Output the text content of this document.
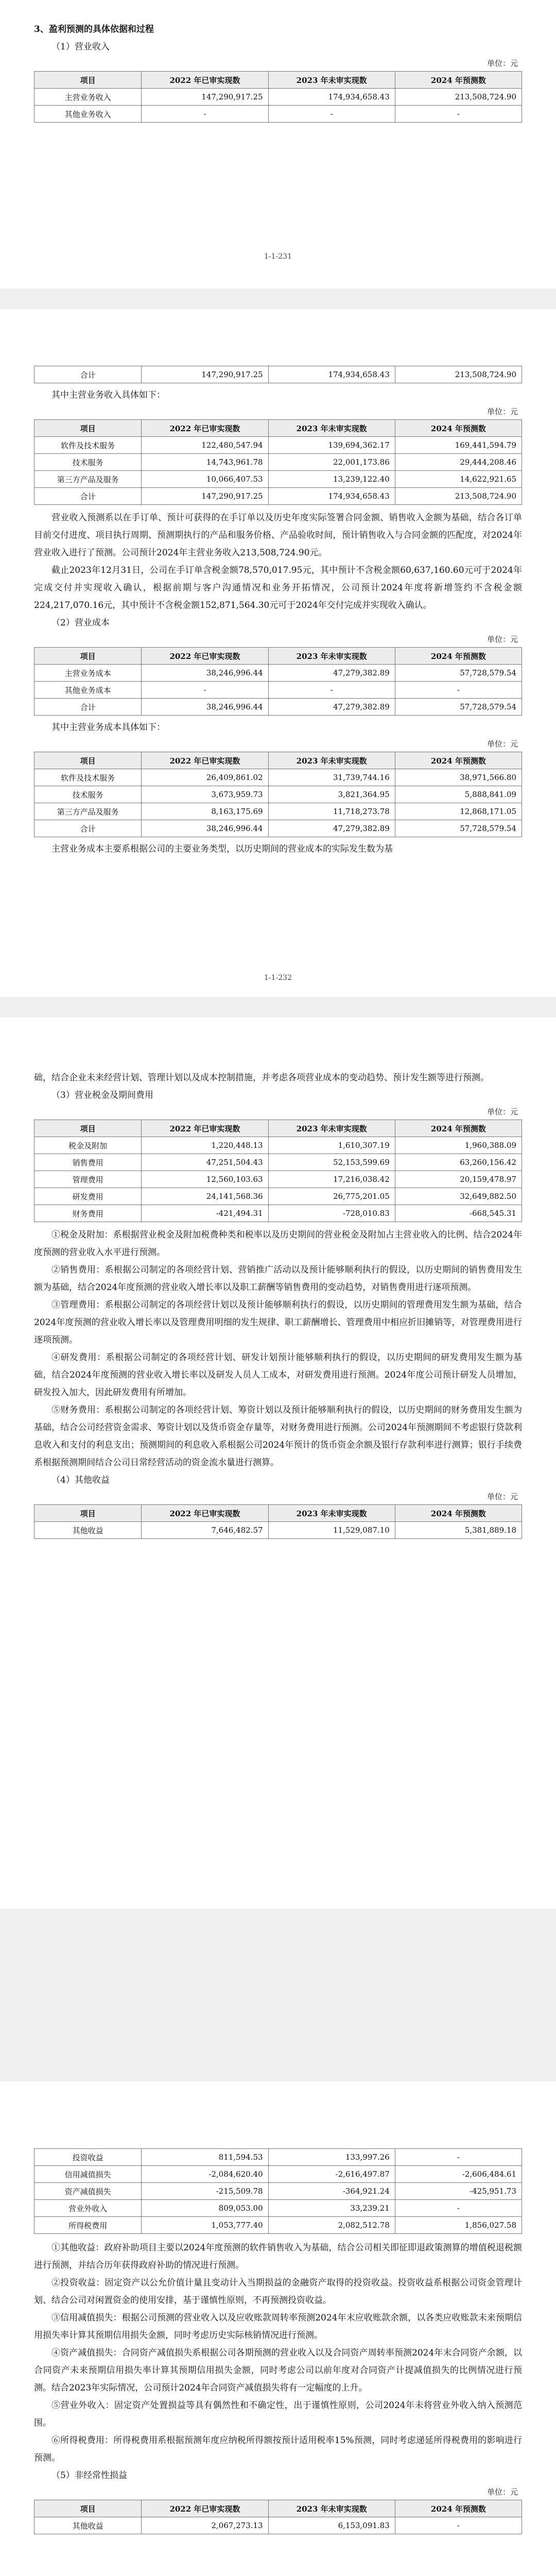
3、盈利预测的具体依据和过程
（1）营业收入
单位：元
项目	2022 年已审实现数	2023 年未审实现数	2024 年预测数
主营业务收入	147,290,917.25	174,934,658.43	213,508,724.90
其他业务收入	-	-	-
1-1-231
合计	147,290,917.25	174,934,658.43	213,508,724.90
其中主营业务收入具体如下：
单位：元
项目	2022 年已审实现数	2023 年未审实现数	2024 年预测数
软件及技术服务	122,480,547.94	139,694,362.17	169,441,594.79
技术服务	14,743,961.78	22,001,173.86	29,444,208.46
第三方产品及服务	10,066,407.53	13,239,122.40	14,622,921.65
合计	147,290,917.25	174,934,658.43	213,508,724.90

营业收入预测系以在手订单、预计可获得的在手订单以及历史年度实际签署合同金额、销售收入金额为基础，结合各订单目前交付进度、项目执行周期、预测期执行的产品和服务价格、产品验收时间，预计销售收入与合同金额的匹配度，对2024年营业收入进行了预测。公司预计2024年主营业务收入213,508,724.90元。

截止2023年12月31日，公司在手订单含税金额78,570,017.95元，其中预计不含税金额60,637,160.60元可于2024年完成交付并实现收入确认，根据前期与客户沟通情况和业务开拓情况，公司预计2024年度将新增签约不含税金额224,217,070.16元，其中预计不含税金额152,871,564.30元可于2024年交付完成并实现收入确认。

（2）营业成本
单位：元
项目	2022 年已审实现数	2023 年未审实现数	2024 年预测数
主营业务成本	38,246,996.44	47,279,382.89	57,728,579.54
其他业务成本	-	-	-
合计	38,246,996.44	47,279,382.89	57,728,579.54
其中主营业务成本具体如下：
单位：元
项目	2022 年已审实现数	2023 年未审实现数	2024 年预测数
软件及技术服务	26,409,861.02	31,739,744.16	38,971,566.80
技术服务	3,673,959.73	3,821,364.95	5,888,841.09
第三方产品及服务	8,163,175.69	11,718,273.78	12,868,171.05
合计	38,246,996.44	47,279,382.89	57,728,579.54

主营业务成本主要系根据公司的主要业务类型，以历史期间的营业成本的实际发生数为基

1-1-232

础，结合企业未来经营计划、管理计划以及成本控制措施，并考虑各项营业成本的变动趋势、预计发生额等进行预测。

（3）营业税金及期间费用
单位：元
项目	2022 年已审实现数	2023 年未审实现数	2024 年预测数
税金及附加	1,220,448.13	1,610,307.19	1,960,388.09
销售费用	47,251,504.43	52,153,599.69	63,260,156.42
管理费用	12,560,103.63	17,216,038.42	20,159,478.97
研发费用	24,141,568.36	26,775,201.05	32,649,882.50
财务费用	-421,494.31	-728,010.83	-668,545.31

①税金及附加：系根据营业税金及附加税费种类和税率以及历史期间的营业税金及附加占主营业收入的比例、结合2024年度预测的营业收入水平进行预测。

②销售费用：系根据公司制定的各项经营计划、营销推广活动以及预计能够顺利执行的假设，以历史期间的销售费用发生额为基础，结合2024年度预测的营业收入增长率以及职工薪酬等销售费用的变动趋势，对销售费用进行逐项预测。

③管理费用：系根据公司制定的各项经营计划以及预计能够顺利执行的假设，以历史期间的管理费用发生额为基础，结合2024年度预测的营业收入增长率以及管理费用明细的发生规律、职工薪酬增长、管理费用中相应折旧摊销等，对管理费用进行逐项预测。

④研发费用：系根据公司制定的各项经营计划、研发计划预计能够顺利执行的假设，以历史期间的研发费用发生额为基础，结合2024年度预测的营业收入增长率以及研发人员人工成本，对研发费用进行预测。2024年度公司预计研发人员增加，研发投入加大，因此研发费用有所增加。

⑤财务费用：系根据公司制定的各项经营计划、筹资计划以及预计能够顺利执行的假设，以历史期间的财务费用发生额为基础，结合公司经营资金需求、筹资计划以及货币资金存量等，对财务费用进行预测。公司2024年预测期间不考虑银行贷款利息收入和支付的利息支出；预测期间的利息收入系根据公司2024年预计的货币资金余额及银行存款利率进行测算；银行手续费系根据预测期间结合公司日常经营活动的资金流水量进行测算。

（4）其他收益
单位：元
项目	2022 年已审实现数	2023 年未审实现数	2024 年预测数
其他收益	7,646,482.57	11,529,087.10	5,381,889.18
投资收益	811,594.53	133,997.26	-
信用减值损失	-2,084,620.40	-2,616,497.87	-2,606,484.61
资产减值损失	-215,509.78	-364,921.24	-425,951.73
营业外收入	809,053.00	33,239.21	-
所得税费用	1,053,777.40	2,082,512.78	1,856,027.58

①其他收益：政府补助项目主要以2024年度预测的软件销售收入为基础，结合公司相关即征即退政策测算的增值税退税额进行预测，并结合历年获得政府补助的情况进行预测。

②投资收益：固定资产以公允价值计量且变动计入当期损益的金融资产取得的投资收益。投资收益系根据公司资金管理计划、结合公司对闲置资金的使用安排，基于谨慎性原则，不再预测投资收益。

③信用减值损失：根据公司预测的营业收入以及应收账款周转率预测2024年末应收账款余额，以各类应收账款未来预期信用损失率计算其预期信用损失金额，同时考虑历史实际核销情况进行预测。

④资产减值损失：合同资产减值损失系根据公司各期预测的营业收入以及合同资产周转率预测2024年末合同资产余额，以合同资产未来预期信用损失率计算其预期信用损失金额，同时考虑公司以前年度对合同资产计提减值损失的比例情况进行预测。结合2023年实际情况，公司预计2024年合同资产减值损失将有一定幅度的上升。

⑤营业外收入：固定资产处置损益等具有偶然性和不确定性，出于谨慎性原则，公司2024年未将营业外收入纳入预测范围。

⑥所得税费用：所得税费用系根据预测年度应纳税所得额按预计适用税率15%预测，同时考虑递延所得税费用的影响进行预测。

（5）非经常性损益
单位：元
项目	2022 年已审实现数	2023 年未审实现数	2024 年预测数
其他收益	2,067,273.13	6,153,091.83	-
